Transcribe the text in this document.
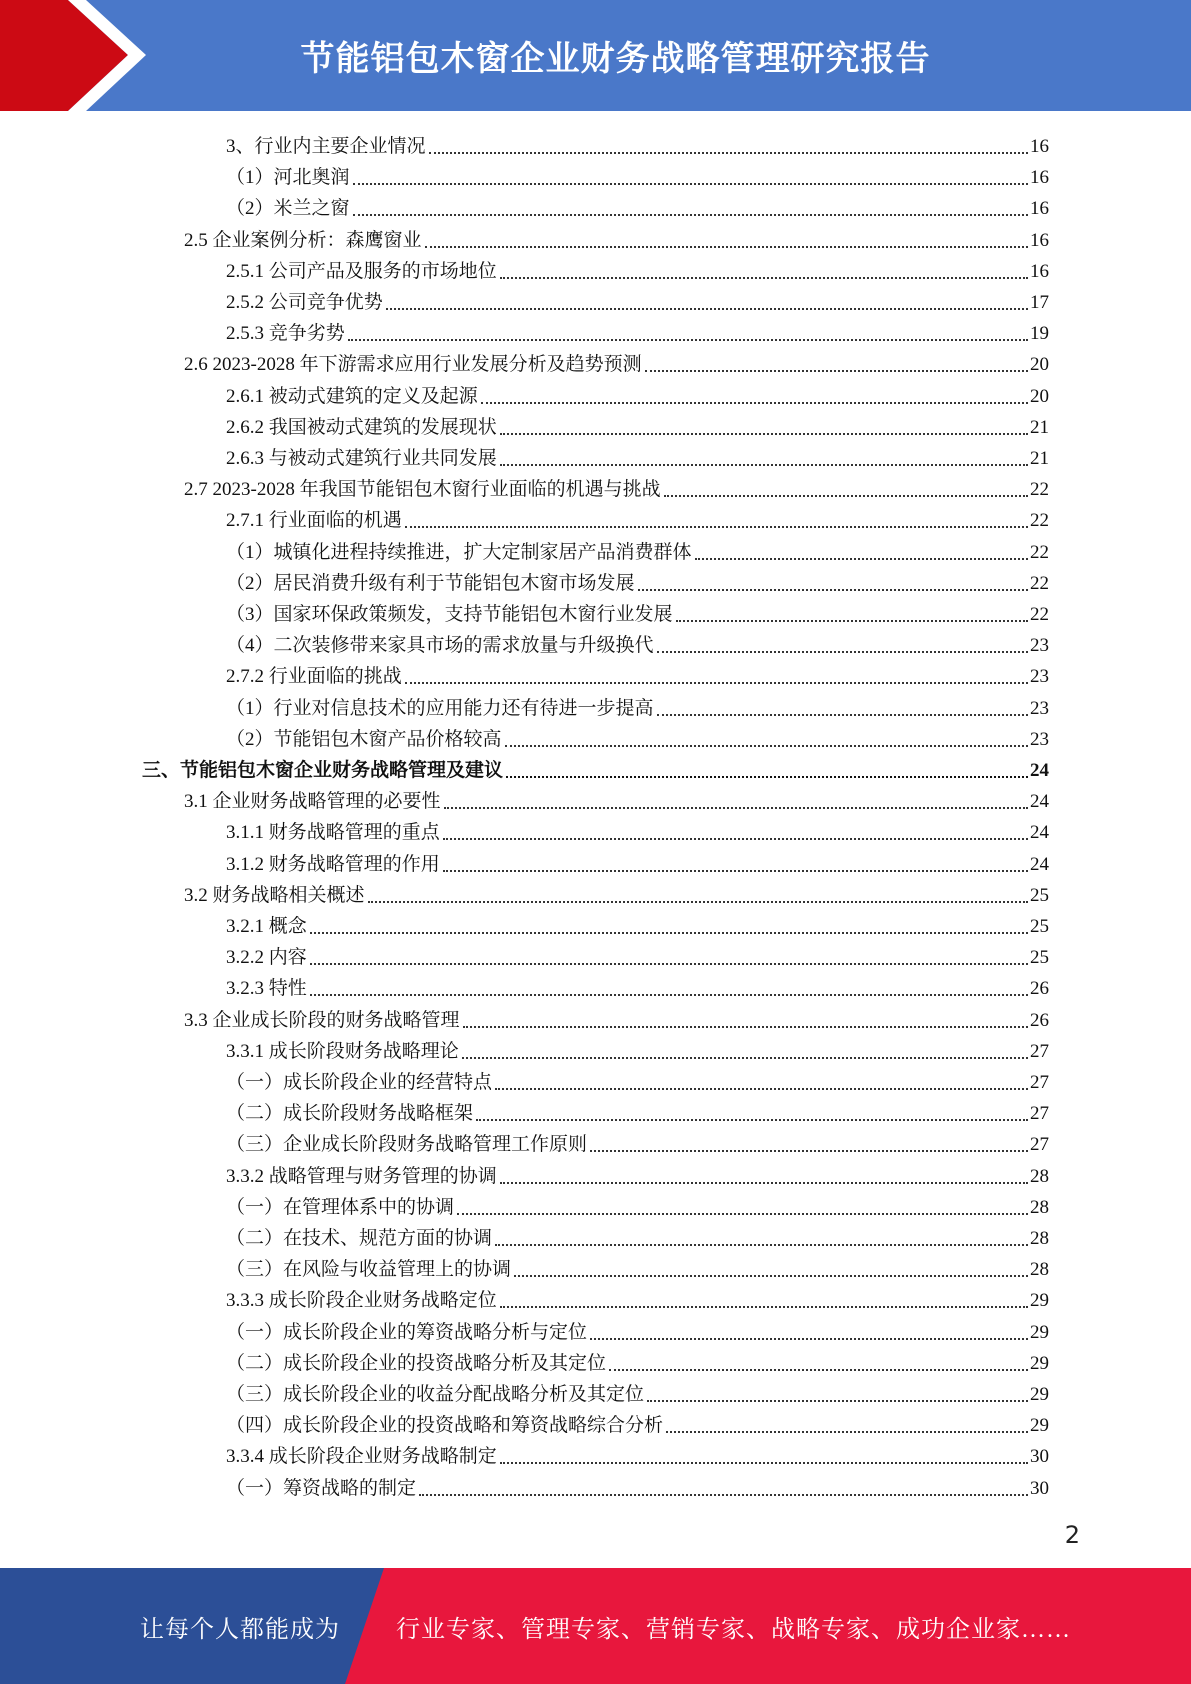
节能铝包木窗企业财务战略管理研究报告
3、行业内主要企业情况	16
（1）河北奥润	16
（2）米兰之窗	16
2.5 企业案例分析：森鹰窗业	16
2.5.1 公司产品及服务的市场地位	16
2.5.2 公司竞争优势	17
2.5.3 竞争劣势	19
2.6 2023-2028 年下游需求应用行业发展分析及趋势预测	20
2.6.1 被动式建筑的定义及起源	20
2.6.2 我国被动式建筑的发展现状	21
2.6.3 与被动式建筑行业共同发展	21
2.7 2023-2028 年我国节能铝包木窗行业面临的机遇与挑战	22
2.7.1 行业面临的机遇	22
（1）城镇化进程持续推进，扩大定制家居产品消费群体	22
（2）居民消费升级有利于节能铝包木窗市场发展	22
（3）国家环保政策频发，支持节能铝包木窗行业发展	22
（4）二次装修带来家具市场的需求放量与升级换代	23
2.7.2 行业面临的挑战	23
（1）行业对信息技术的应用能力还有待进一步提高	23
（2）节能铝包木窗产品价格较高	23
三、节能铝包木窗企业财务战略管理及建议	24
3.1 企业财务战略管理的必要性	24
3.1.1 财务战略管理的重点	24
3.1.2 财务战略管理的作用	24
3.2 财务战略相关概述	25
3.2.1 概念	25
3.2.2 内容	25
3.2.3 特性	26
3.3 企业成长阶段的财务战略管理	26
3.3.1 成长阶段财务战略理论	27
（一）成长阶段企业的经营特点	27
（二）成长阶段财务战略框架	27
（三）企业成长阶段财务战略管理工作原则	27
3.3.2 战略管理与财务管理的协调	28
（一）在管理体系中的协调	28
（二）在技术、规范方面的协调	28
（三）在风险与收益管理上的协调	28
3.3.3 成长阶段企业财务战略定位	29
（一）成长阶段企业的筹资战略分析与定位	29
（二）成长阶段企业的投资战略分析及其定位	29
（三）成长阶段企业的收益分配战略分析及其定位	29
（四）成长阶段企业的投资战略和筹资战略综合分析	29
3.3.4 成长阶段企业财务战略制定	30
（一）筹资战略的制定	30
2
让每个人都能成为 行业专家、管理专家、营销专家、战略专家、成功企业家……
